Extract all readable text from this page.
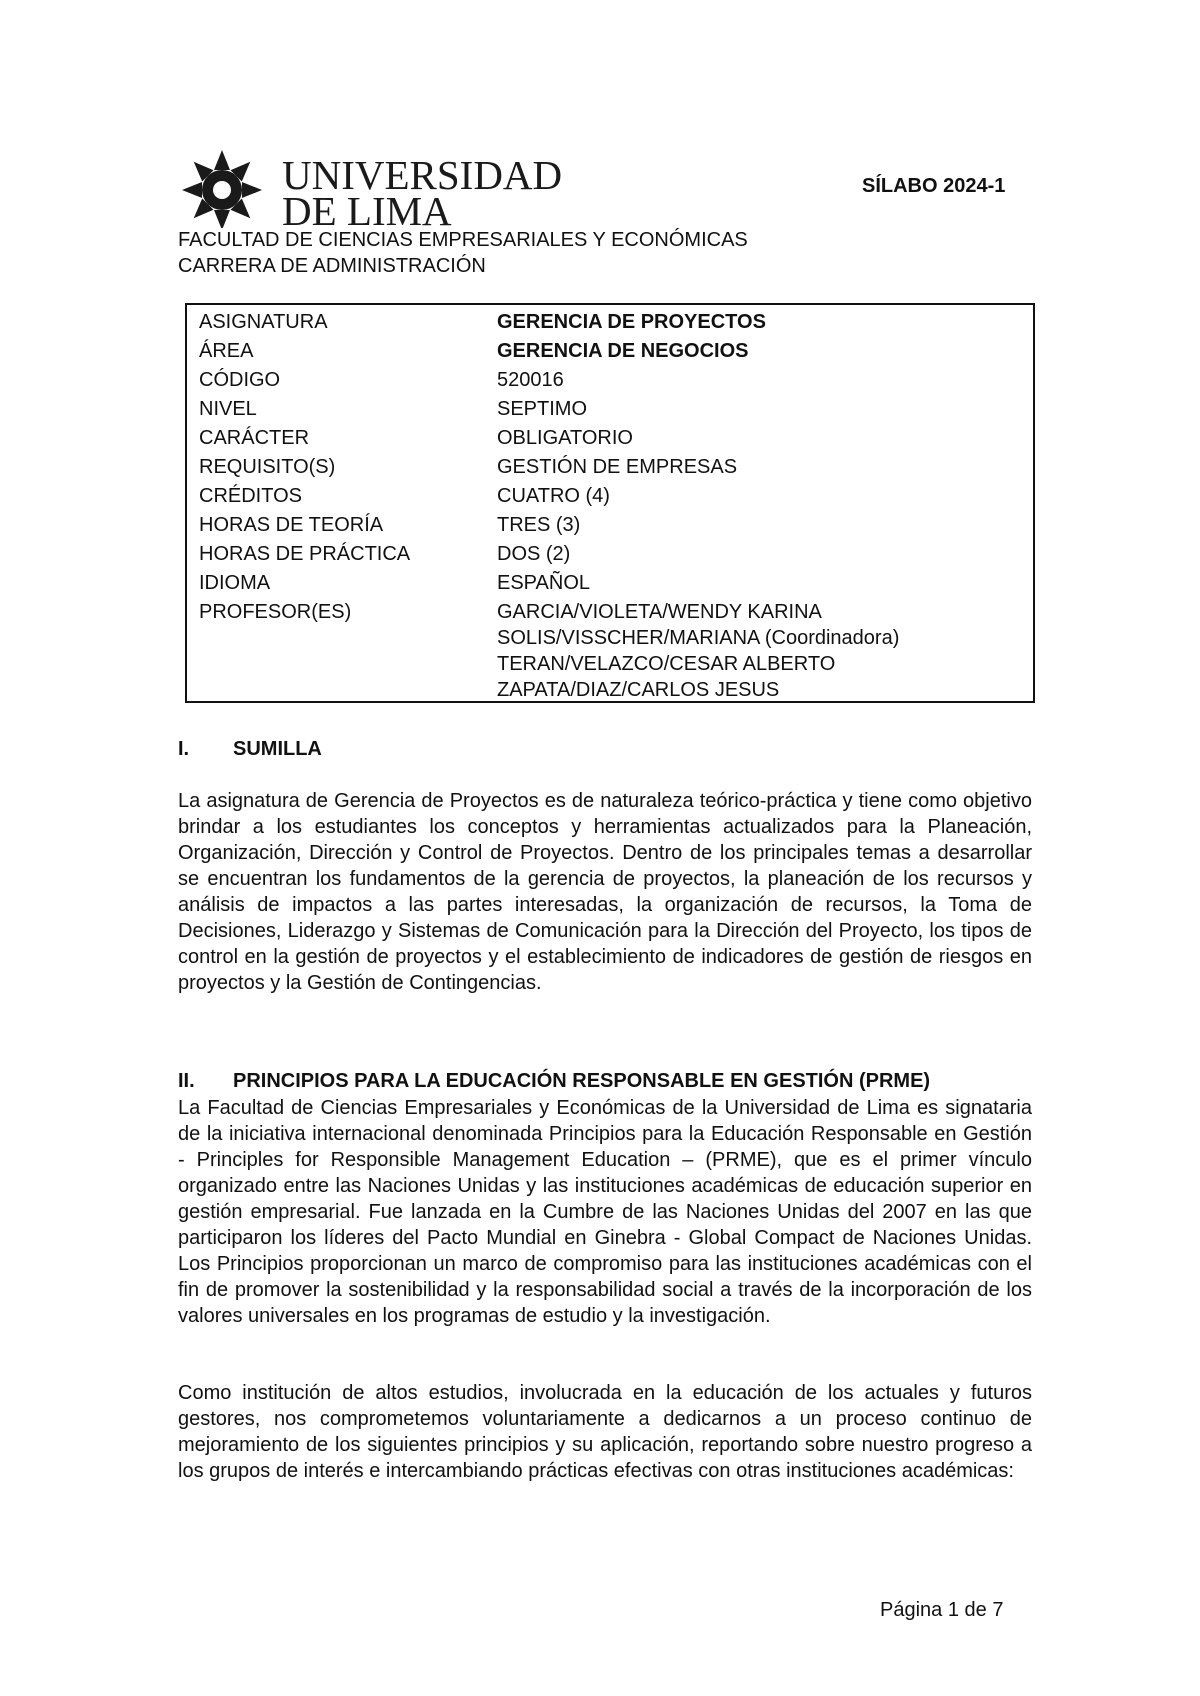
UNIVERSIDAD
DE LIMA
SÍLABO 2024-1
FACULTAD DE CIENCIAS EMPRESARIALES Y ECONÓMICAS
CARRERA DE ADMINISTRACIÓN
ASIGNATURA	GERENCIA DE PROYECTOS
ÁREA	GERENCIA DE NEGOCIOS
CÓDIGO	520016
NIVEL	SEPTIMO
CARÁCTER	OBLIGATORIO
REQUISITO(S)	GESTIÓN DE EMPRESAS
CRÉDITOS	CUATRO (4)
HORAS DE TEORÍA	TRES (3)
HORAS DE PRÁCTICA	DOS (2)
IDIOMA	ESPAÑOL
PROFESOR(ES)	GARCIA/VIOLETA/WENDY KARINA
SOLIS/VISSCHER/MARIANA (Coordinadora)
TERAN/VELAZCO/CESAR ALBERTO
ZAPATA/DIAZ/CARLOS JESUS
I. SUMILLA
La asignatura de Gerencia de Proyectos es de naturaleza teórico-práctica y tiene como objetivo brindar a los estudiantes los conceptos y herramientas actualizados para la Planeación, Organización, Dirección y Control de Proyectos. Dentro de los principales temas a desarrollar se encuentran los fundamentos de la gerencia de proyectos, la planeación de los recursos y análisis de impactos a las partes interesadas, la organización de recursos, la Toma de Decisiones, Liderazgo y Sistemas de Comunicación para la Dirección del Proyecto, los tipos de control en la gestión de proyectos y el establecimiento de indicadores de gestión de riesgos en proyectos y la Gestión de Contingencias.
II. PRINCIPIOS PARA LA EDUCACIÓN RESPONSABLE EN GESTIÓN (PRME)
La Facultad de Ciencias Empresariales y Económicas de la Universidad de Lima es signataria de la iniciativa internacional denominada Principios para la Educación Responsable en Gestión - Principles for Responsible Management Education – (PRME), que es el primer vínculo organizado entre las Naciones Unidas y las instituciones académicas de educación superior en gestión empresarial. Fue lanzada en la Cumbre de las Naciones Unidas del 2007 en las que participaron los líderes del Pacto Mundial en Ginebra - Global Compact de Naciones Unidas. Los Principios proporcionan un marco de compromiso para las instituciones académicas con el fin de promover la sostenibilidad y la responsabilidad social a través de la incorporación de los valores universales en los programas de estudio y la investigación.
Como institución de altos estudios, involucrada en la educación de los actuales y futuros gestores, nos comprometemos voluntariamente a dedicarnos a un proceso continuo de mejoramiento de los siguientes principios y su aplicación, reportando sobre nuestro progreso a los grupos de interés e intercambiando prácticas efectivas con otras instituciones académicas:
Página 1 de 7
